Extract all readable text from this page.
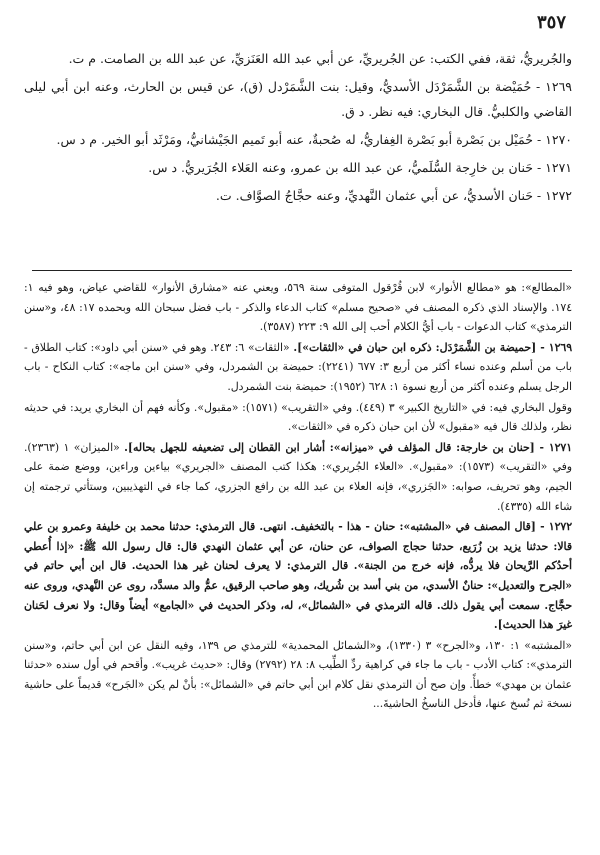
٣٥٧

والجُريريُّ، ثقة، ففي الكتب: عن الجُريريِّ، عن أبي عبد الله العَنَزيِّ، عن عبد الله بن الصامت. م ت.

١٢٦٩ - حُمَيْضة بن الشَّمَرْدَل الأسديُّ، وقيل: بنت الشَّمَرْدل (ق)، عن قيس بن الحارث، وعنه ابن أبي ليلى القاضي والكلبيُّ. قال البخاري: فيه نظر. د ق.

١٢٧٠ - حُمَيْل بن بَصْرة أبو بَصْرة الغِفاريُّ، له صُحبةٌ، عنه أبو تَميم الجَيْشانيُّ، ومَرْثَد أبو الخير. م د س.

١٢٧١ - حَنان بن خارِجة السُّلَميُّ، عن عبد الله بن عمرو، وعنه العَلاء الجُرَيريُّ. د س.

١٢٧٢ - حَنان الأسديُّ، عن أبي عثمان النَّهديِّ، وعنه حجَّاجُ الصوَّاف. ت.

«المطالع»: هو «مطالع الأنوار» لابن قُرْقول المتوفى سنة ٥٦٩، ويعني عنه «مشارق الأنوار» للقاضي عياض، وهو فيه ١: ١٧٤. والإسناد الذي ذكره المصنف في «صحيح مسلم» كتاب الدعاء والذكر - باب فضل سبحان الله وبحمده ١٧: ٤٨، و«سنن الترمذي» كتاب الدعوات - باب أيُّ الكلام أحب إلى الله ٩: ٢٢٣ (٣٥٨٧).

١٢٦٩ - [حميضة بن الشَّمَرْدَل: ذكره ابن حبان في «الثقات»]. «الثقات» ٦: ٢٤٣. وهو في «سنن أبي داود»: كتاب الطلاق - باب من أسلم وعنده نساء أكثر من أربع ٣: ٦٧٧ (٢٢٤١): حميضة بن الشمردل، وفي «سنن ابن ماجه»: كتاب النكاح - باب الرجل يسلم وعنده أكثر من أربع نسوة ١: ٦٢٨ (١٩٥٢): حميضة بنت الشمردل.

وقول البخاري فيه: في «التاريخ الكبير» ٣ (٤٤٩). وفي «التقريب» (١٥٧١): «مقبول». وكأنه فهم أن البخاري يريد: في حديثه نظر، ولذلك قال فيه «مقبول» لأن ابن حبان ذكره في «الثقات».

١٢٧١ - [حنان بن خارجة: قال المؤلف في «ميزانه»: أشار ابن القطان إلى تضعيفه للجهل بحاله]. «الميزان» ١ (٢٣٦٣). وفي «التقريب» (١٥٧٣): «مقبول». «العلاء الجُريري»: هكذا كتب المصنف «الجريري» بياءين وراءين، ووضع ضمة على الجيم، وهو تحريف، صوابه: «الجَزري»، فإنه العلاء بن عبد الله بن رافع الجزري، كما جاء في التهذيبين، وستأتي ترجمته إن شاء الله (٤٣٣٥).

١٢٧٢ - [قال المصنف في «المشتبه»: حنان - هذا - بالتخفيف. انتهى. قال الترمذي: حدثنا محمد بن خليفة وعمرو بن علي قالا: حدثنا يزيد بن زُرَيع، حدثنا حجاج الصواف، عن حنان، عن أبي عثمان النهدي قال: قال رسول الله ﷺ: «إذا أُعطي أحدُكم الرَّيحان فلا يردُّه، فإنه خرج من الجنة». قال الترمذي: لا يعرف لحنان غير هذا الحديث. قال ابن أبي حاتم في «الجرح والتعديل»: حنانٌ الأسدي، من بني أسد بن شُريك، وهو صاحب الرقيق، عمُّ والد مسدَّد، روى عن النَّهدي، وروى عنه حجَّاج. سمعت أبي يقول ذلك. قاله الترمذي في «الشمائل»، له، وذكر الحديث في «الجامع» أيضاً وقال: ولا نعرف لحَنان غيرَ هذا الحديث].

«المشتبه» ١: ١٣٠، و«الجرح» ٣ (١٣٣٠)، و«الشمائل المحمدية» للترمذي ص ١٣٩، وفيه النقل عن ابن أبي حاتم، و«سنن الترمذي»: كتاب الأدب - باب ما جاء في كراهية ردِّ الطِّيب ٨: ٢٨ (٢٧٩٢) وقال: «حديث غريب». وأقحم في أول سنده «حدثنا عثمان بن مهدي» خطأً. وإن صح أن الترمذي نقل كلام ابن أبي حاتم في «الشمائل»: بأنْ لم يكن «الجَرح» قديماً على حاشية نسخة ثم نُسخ عنها، فأدخل الناسخُ الحاشيةَ...
